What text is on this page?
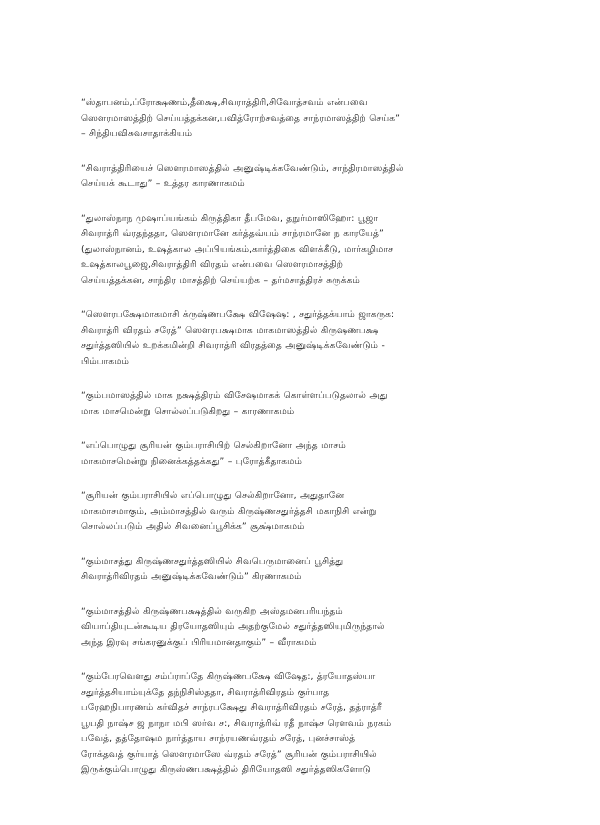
“ஸ்தாபனம்,ப்ரோக்ஷணம்,தீக்ஷை,சிவராத்திரி,சிவோத்சவம் என்பவை
ஸௌரமாஸத்திற் செய்யத்தக்கன,பவித்ரோற்சவத்தை சாந்ரமாஸத்திற் செய்க”
– சிந்தியவிசுவசாதாக்கியம்

“சிவராத்திரியைச் ஸௌரமாஸத்தில் அனுஷ்டிக்கவேண்டும், சாந்திரமாஸத்தில்
செய்யக் கூடாது” – உத்தர காரணாகமம்

“துலாஸ்நாந முஷாப்யங்கம் கிருத்திகா தீபமேவ, தநுர்மாஸிஹோ: பூஜா
சிவராத்ரி வ்ரதந்ததா, ஸௌரமானே கர்த்தவ்யம் சாந்ரமானே ந காரயேத்”
(துலாஸ்நானம், உஷத்கால அப்பியங்கம்,கார்த்திகை விளக்கீடு, மார்கழிமாச
உஷத்காலபூஜை,சிவராத்திரி விரதம் என்பவை ஸௌரமாசத்திற்
செய்யத்தக்கன, சாந்திர மாசத்திற் செய்யற்க – தர்மசாத்திரச் சுருக்கம்

“ஸௌரபக்ஷேமாகமாசி க்ருஷ்ணபக்ஷே விஷேஷ: , சதுர்த்தக்யாம் ஜாகருக:
சிவராத்ரி விரதம் சரேத்” ஸௌரபக்ஷமாக மாகமாஸத்தில் கிருஷணபக்ஷ
சதுர்த்தஸியில் உறக்கமின்றி சிவராத்ரி விரதத்தை அனுஷ்டிக்கவேண்டும் -
பிம்பாகமம்

“கும்பமாஸத்தில் மாக நக்ஷத்திரம் விசேஷமாகக் கொள்ளப்படுதலால் அது
மாக மாசமென்று சொல்லப்படுகிறது – காரணாகமம்

“எப்பொழுது சூரியன் கும்பராசியிற் செல்கிறானோ அந்த மாசம்
மாகமாசமென்று நினைக்கத்தக்கது” – புரோத்கீதாகமம்

“சூரியன் கும்பராசியில் எப்பொழுது செல்கிறானோ, அதுதானே
மாகமாசமாகும், அம்மாசத்தில் வரும் கிருஷ்ணசதுர்த்தசி மகாநிசி என்று
சொல்லப்படும் அதில் சிவனைப்பூசிக்க” சூக்ஷ்மாகமம்

“கும்மாசத்து கிருஷ்ணசதுர்த்தஸியில் சிவபெருமானைப் பூசித்து
சிவராத்ரிவிரதம் அனுஷ்டிக்கவேண்டும்” கிரணாகமம்

“கும்மாசத்தில் கிருஷ்ணபக்ஷத்தில் வருகிற அஸ்தமனபரியந்தம்
வியாப்தியுடன்கூடிய திரயோதஸியும் அதற்குமேல் சதுர்த்தஸியுமிருந்தால்
அந்த இரவு சங்கரனுக்குப் பிரியமானதாகும்” – வீராகமம்

“கும்பேரவௌது சம்ப்ராப்தே கிருஷ்ணபக்ஷே விஷேத:, த்ரயோதஸ்யா
சதுர்த்தசியாம்யுக்தே தந்நிசிஸ்ததா, சிவராத்ரிவிரதம் குர்யாத
பரேஹநிபாரணம் கர்விதச் சாந்ரபக்ஷேது சிவராத்ரிவிரதம் சரேத், தத்ராத்ரீ
பூயதி நாஷ்ச ஜ நாநா மபி ஸர்வ ச:, சிவராத்ரிவ் ரதீ நாஷ்ச ரௌவம் நரகம்
பவேத், தத்தோஷம நார்த்தாய சாந்ரயணவ்ரதம் சரேத், புனச்சாஸ்த்
ரோக்தவத் குர்யாத் ஸௌரமாஸே வ்ரதம் சரேத்” சூரியன் கும்பராசியில்
இருக்கும்பொழுது கிருஸ்ணபக்ஷத்தில் திரியோதஸி சதுர்த்தஸிகளோடு
